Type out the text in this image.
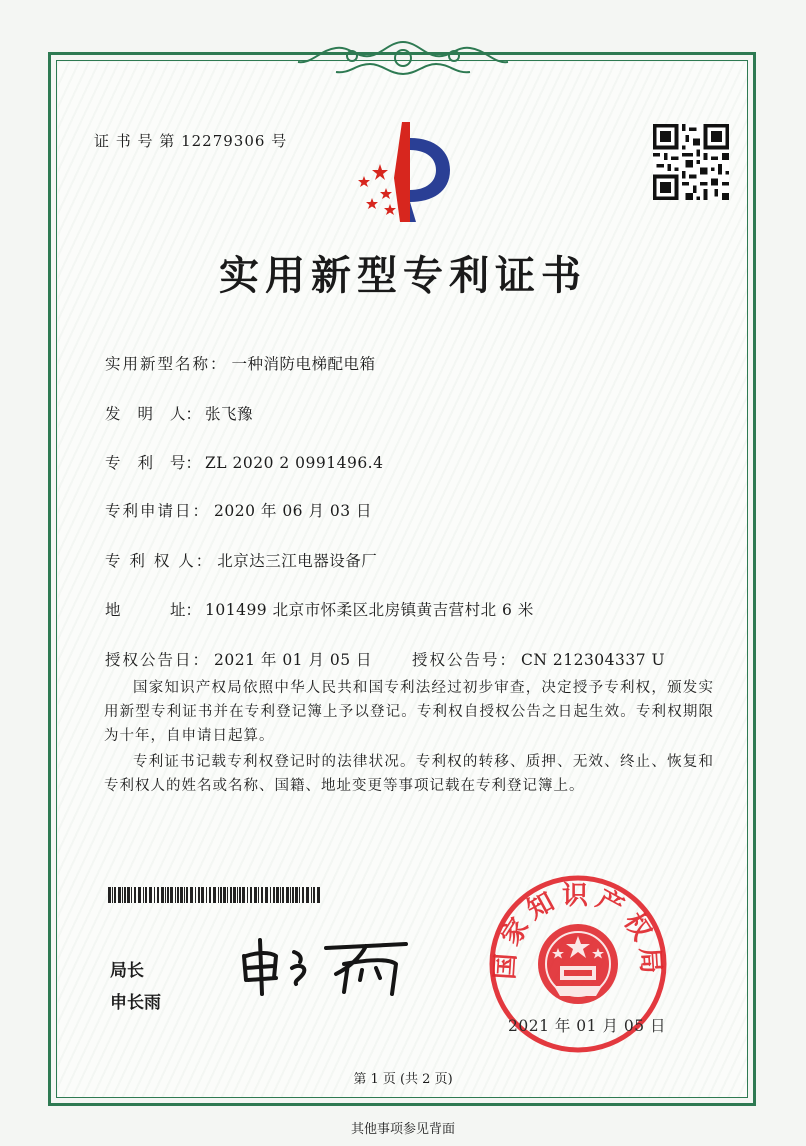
证 书 号 第 12279306 号
实用新型专利证书
实用新型名称： 一种消防电梯配电箱
发 明 人： 张飞豫
专 利 号： ZL 2020 2 0991496.4
专利申请日： 2020 年 06 月 03 日
专 利 权 人： 北京达三江电器设备厂
地	址： 101499 北京市怀柔区北房镇黄吉营村北 6 米
授权公告日： 2021 年 01 月 05 日	授权公告号： CN 212304337 U

国家知识产权局依照中华人民共和国专利法经过初步审查，决定授予专利权，颁发实用新型专利证书并在专利登记簿上予以登记。专利权自授权公告之日起生效。专利权期限为十年，自申请日起算。

专利证书记载专利权登记时的法律状况。专利权的转移、质押、无效、终止、恢复和专利权人的姓名或名称、国籍、地址变更等事项记载在专利登记簿上。

局长
申长雨
国家知识产权局
2021 年 01 月 05 日
第 1 页 (共 2 页)
其他事项参见背面
